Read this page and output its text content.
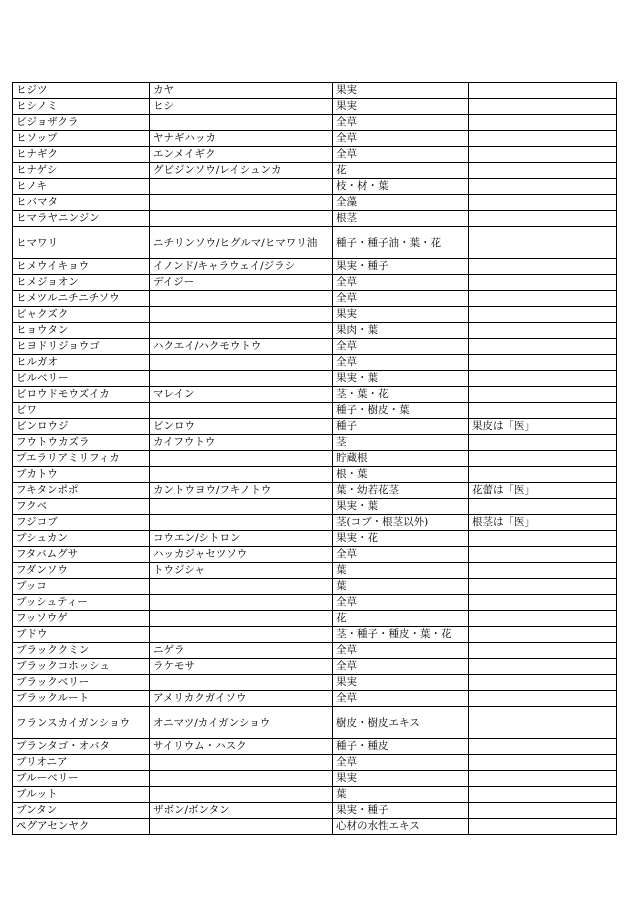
ヒジツ	カヤ	果実	
ヒシノミ	ヒシ	果実	
ビジョザクラ		全草	
ヒソップ	ヤナギハッカ	全草	
ヒナギク	エンメイギク	全草	
ヒナゲシ	グビジンソウ/レイシュンカ	花	
ヒノキ		枝・材・葉	
ヒバマタ		全藻	
ヒマラヤニンジン		根茎	
ヒマワリ	ニチリンソウ/ヒグルマ/ヒマワリ油	種子・種子油・葉・花	
ヒメウイキョウ	イノンド/キャラウェイ/ジラシ	果実・種子	
ヒメジョオン	デイジー	全草	
ヒメツルニチニチソウ		全草	
ビャクズク		果実	
ヒョウタン		果肉・葉	
ヒヨドリジョウゴ	ハクエイ/ハクモウトウ	全草	
ヒルガオ		全草	
ビルベリー		果実・葉	
ビロウドモウズイカ	マレイン	茎・葉・花	
ビワ		種子・樹皮・葉	
ビンロウジ	ビンロウ	種子	果皮は「医」
フウトウカズラ	カイフウトウ	茎	
プエラリアミリフィカ		貯蔵根	
ブカトウ		根・葉	
フキタンポポ	カントウヨウ/フキノトウ	葉・幼若花茎	花蕾は「医」
フクベ		果実・葉	
フジコブ		茎(コブ・根茎以外)	根茎は「医」
ブシュカン	コウエン/シトロン	果実・花	
フタバムグサ	ハッカジャセツソウ	全草	
フダンソウ	トウジシャ	葉	
ブッコ		葉	
ブッシュティー		全草	
フッソウゲ		花	
ブドウ		茎・種子・種皮・葉・花	
ブラッククミン	ニゲラ	全草	
ブラックコホッシュ	ラケモサ	全草	
ブラックベリー		果実	
ブラックルート	アメリカクガイソウ	全草	
フランスカイガンショウ	オニマツ/カイガンショウ	樹皮・樹皮エキス	
プランタゴ・オバタ	サイリウム・ハスク	種子・種皮	
ブリオニア		全草	
ブルーベリー		果実	
ブルット		葉	
ブンタン	ザボン/ボンタン	果実・種子	
ペグアセンヤク		心材の水性エキス	
